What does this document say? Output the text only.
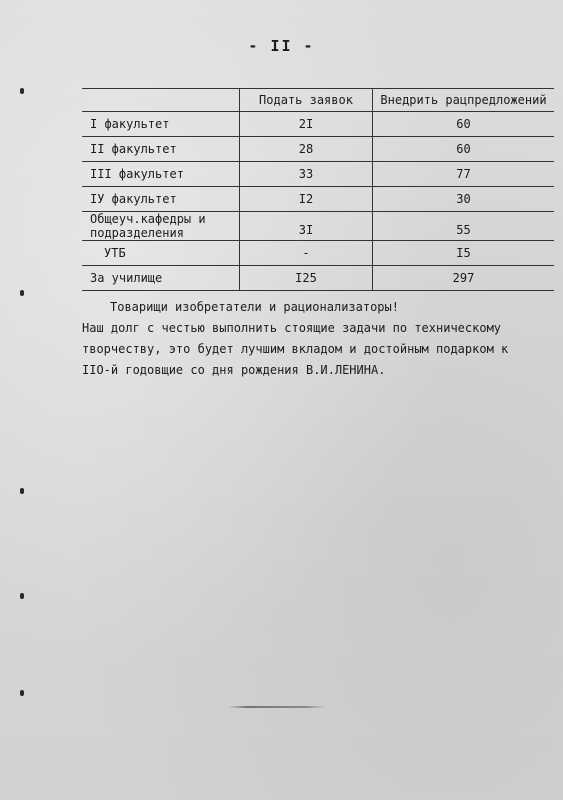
- II -
	Подать заявок	Внедрить рацпредложений
I факультет	2I	60
II факультет	28	60
III факультет	33	77
IУ факультет	I2	30
Общеуч.кафедры и
подразделения	3I	55
УТБ	-	I5
За училище	I25	297
Товарищи изобретатели и рационализаторы!
Наш долг с честью выполнить стоящие задачи по техническому
творчеству, это будет лучшим вкладом и достойным подарком к
IIО-й годовщие со дня рождения В.И.ЛЕНИНА.
